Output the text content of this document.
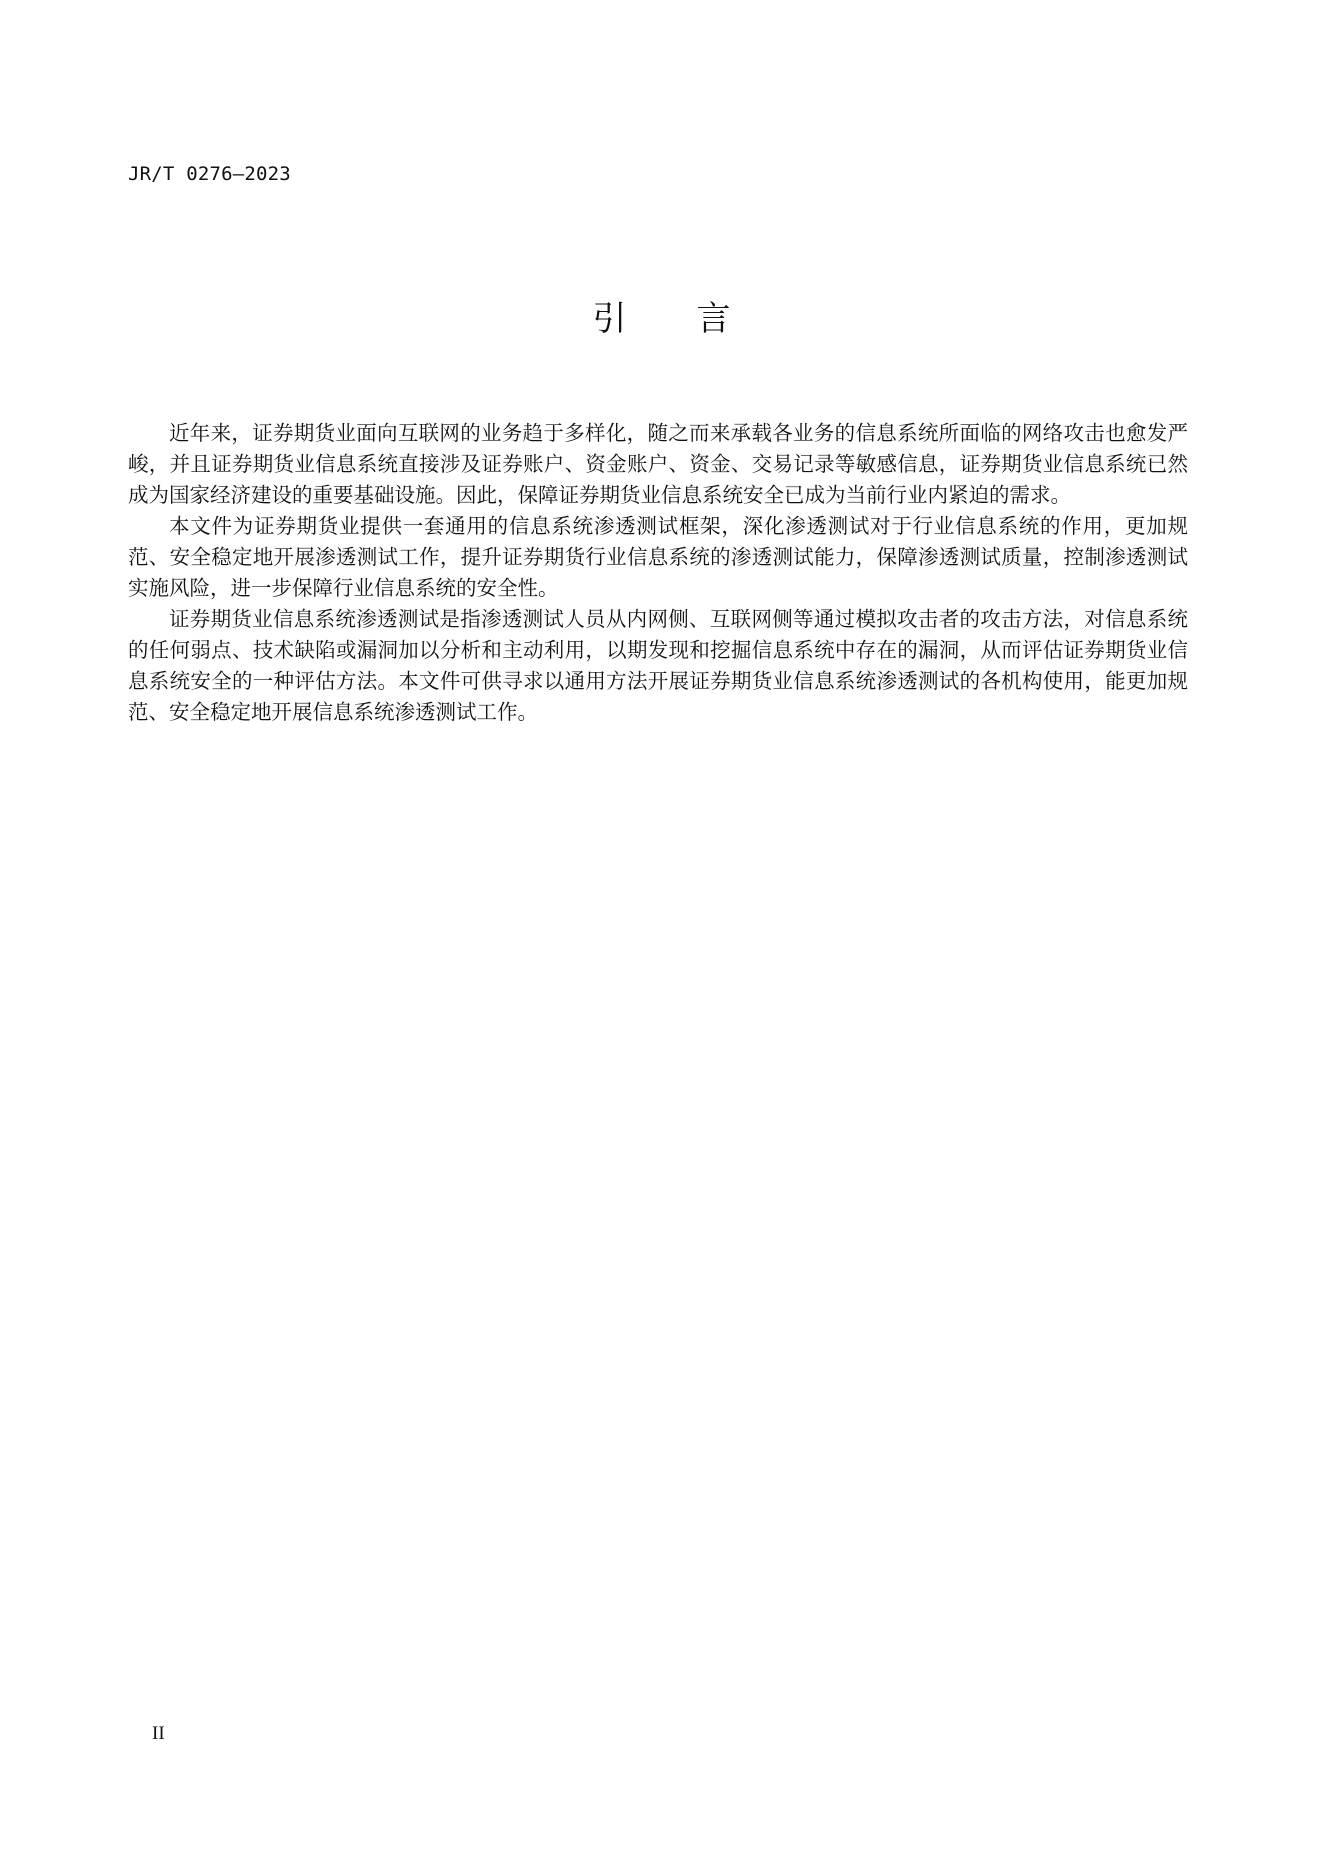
JR/T 0276—2023
引 言

近年来，证券期货业面向互联网的业务趋于多样化，随之而来承载各业务的信息系统所面临的网络攻击也愈发严峻，并且证券期货业信息系统直接涉及证券账户、资金账户、资金、交易记录等敏感信息，证券期货业信息系统已然成为国家经济建设的重要基础设施。因此，保障证券期货业信息系统安全已成为当前行业内紧迫的需求。

本文件为证券期货业提供一套通用的信息系统渗透测试框架，深化渗透测试对于行业信息系统的作用，更加规范、安全稳定地开展渗透测试工作，提升证券期货行业信息系统的渗透测试能力，保障渗透测试质量，控制渗透测试实施风险，进一步保障行业信息系统的安全性。

证券期货业信息系统渗透测试是指渗透测试人员从内网侧、互联网侧等通过模拟攻击者的攻击方法，对信息系统的任何弱点、技术缺陷或漏洞加以分析和主动利用，以期发现和挖掘信息系统中存在的漏洞，从而评估证券期货业信息系统安全的一种评估方法。本文件可供寻求以通用方法开展证券期货业信息系统渗透测试的各机构使用，能更加规范、安全稳定地开展信息系统渗透测试工作。

II
